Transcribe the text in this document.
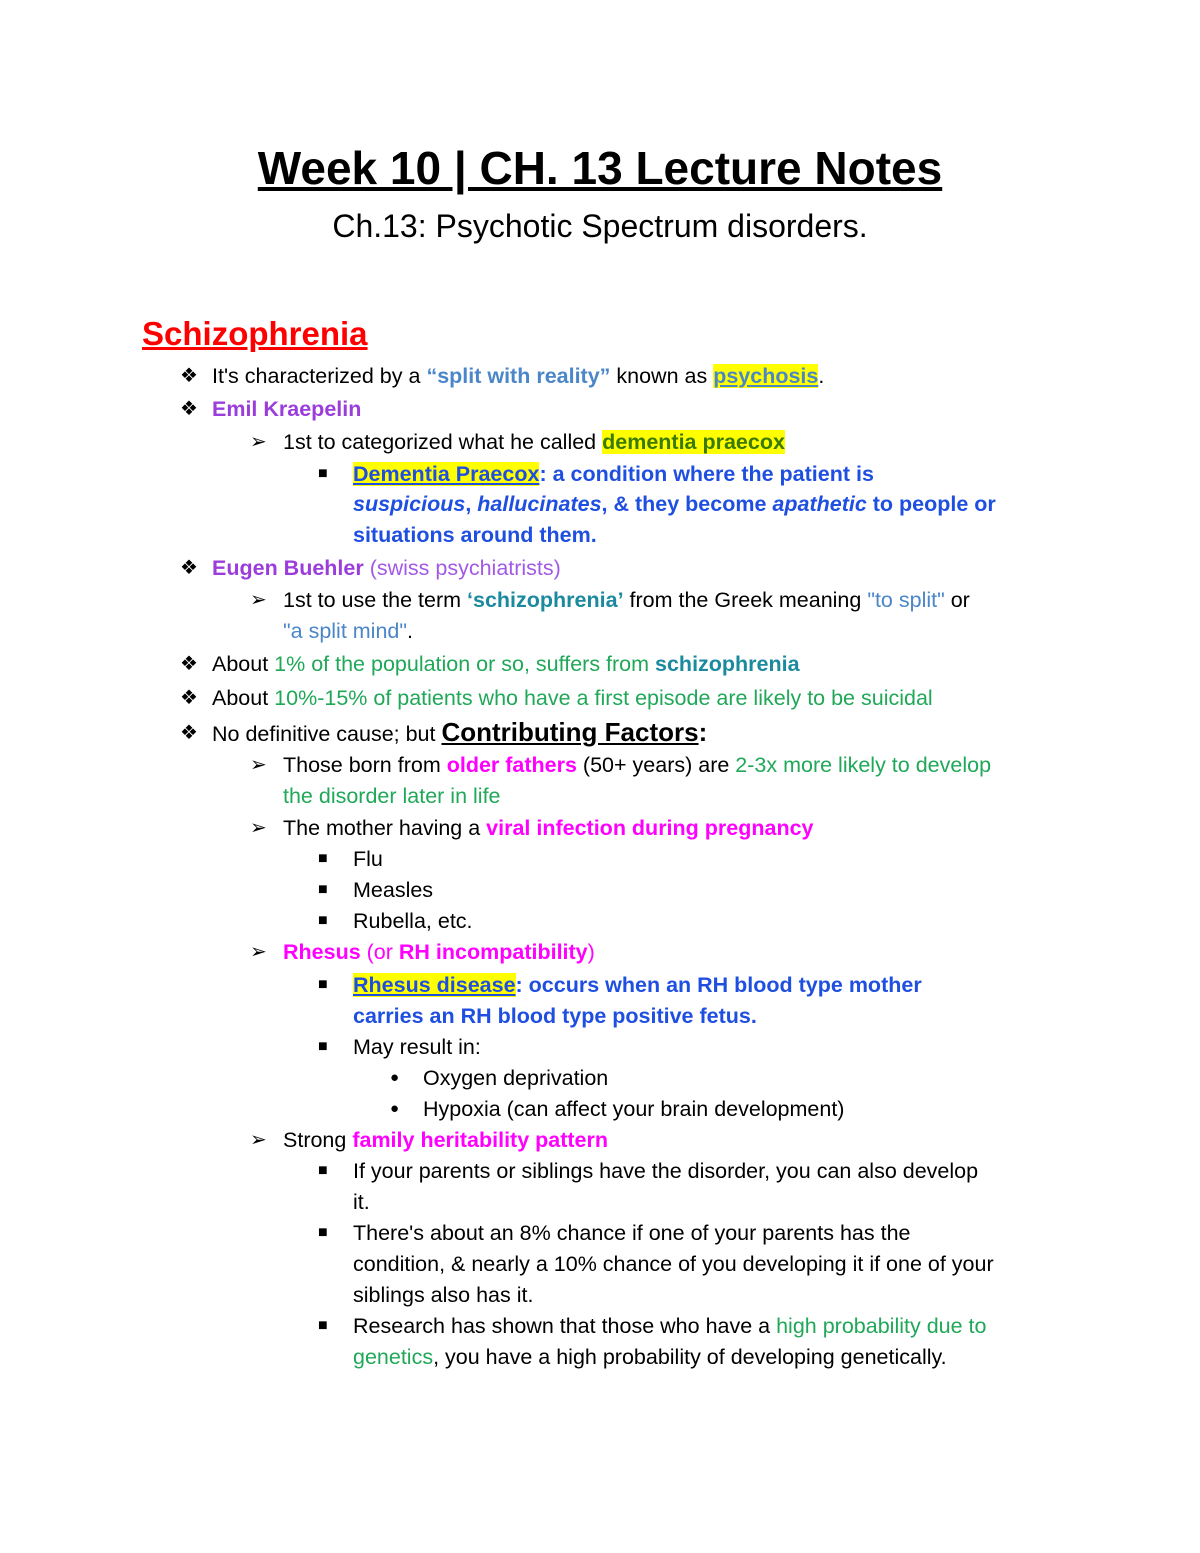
Week 10 | CH. 13 Lecture Notes
Ch.13: Psychotic Spectrum disorders.
Schizophrenia
❖ It's characterized by a “split with reality” known as psychosis.
❖ Emil Kraepelin
➢ 1st to categorized what he called dementia praecox
■ Dementia Praecox: a condition where the patient is
suspicious, hallucinates, & they become apathetic to people or
situations around them.
❖ Eugen Buehler (swiss psychiatrists)
➢ 1st to use the term ‘schizophrenia’ from the Greek meaning "to split" or
"a split mind".
❖ About 1% of the population or so, suffers from schizophrenia
❖ About 10%-15% of patients who have a first episode are likely to be suicidal
❖ No definitive cause; but Contributing Factors:
➢ Those born from older fathers (50+ years) are 2-3x more likely to develop
the disorder later in life
➢ The mother having a viral infection during pregnancy
■ Flu
■ Measles
■ Rubella, etc.
➢ Rhesus (or RH incompatibility)
■ Rhesus disease: occurs when an RH blood type mother
carries an RH blood type positive fetus.
■ May result in:
● Oxygen deprivation
● Hypoxia (can affect your brain development)
➢ Strong family heritability pattern
■ If your parents or siblings have the disorder, you can also develop
it.
■ There's about an 8% chance if one of your parents has the
condition, & nearly a 10% chance of you developing it if one of your
siblings also has it.
■ Research has shown that those who have a high probability due to
genetics, you have a high probability of developing genetically.
